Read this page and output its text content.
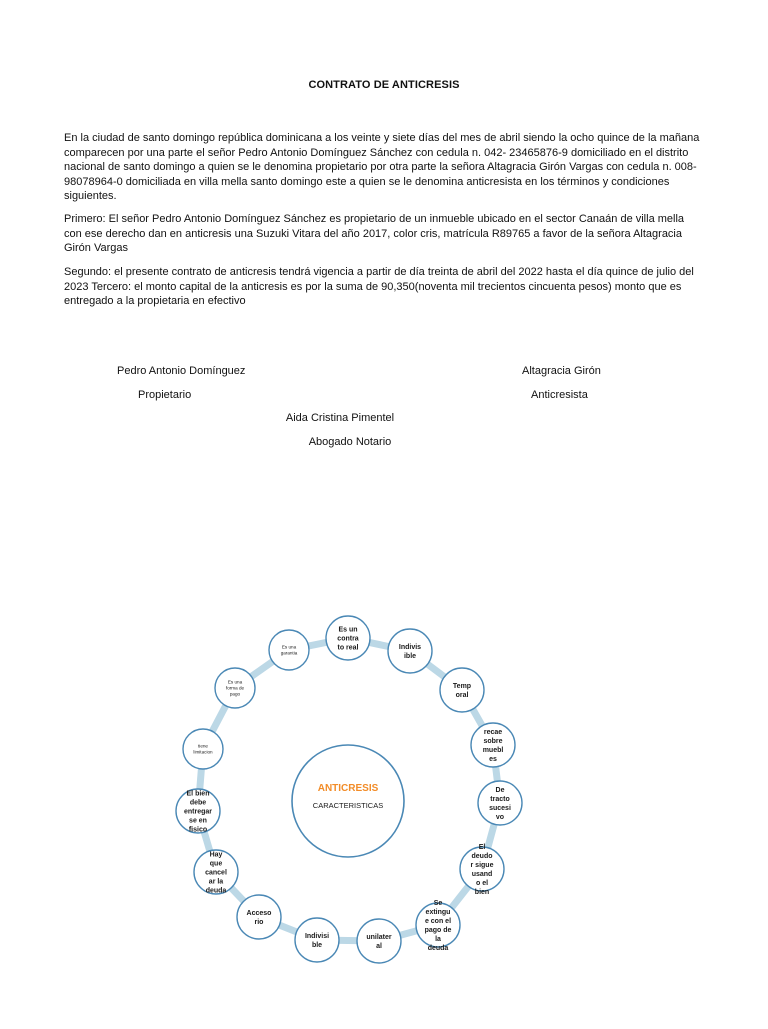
CONTRATO DE ANTICRESIS

En la ciudad de santo domingo república dominicana a los veinte y siete días del mes de abril siendo la ocho quince de la mañana comparecen por una parte el señor Pedro Antonio Domínguez Sánchez con cedula n. 042- 23465876-9 domiciliado en el distrito nacional de santo domingo a quien se le denomina propietario por otra parte la señora Altagracia Girón Vargas con cedula n. 008-98078964-0 domiciliada en villa mella santo domingo este a quien se le denomina anticresista en los términos y condiciones siguientes.

Primero: El señor Pedro Antonio Domínguez Sánchez es propietario de un inmueble ubicado en el sector Canaán de villa mella con ese derecho dan en anticresis una Suzuki Vitara del año 2017, color cris, matrícula R89765 a favor de la señora Altagracia Girón Vargas

Segundo: el presente contrato de anticresis tendrá vigencia a partir de día treinta de abril del 2022 hasta el día quince de julio del 2023 Tercero: el monto capital de la anticresis es por la suma de 90,350(noventa mil trecientos cincuenta pesos) monto que es entregado a la propietaria en efectivo

Pedro Antonio Domínguez
Propietario
Altagracia Girón
Anticresista
Aida Cristina Pimentel
Abogado Notario
ANTICRESIS
CARACTERISTICAS
Es un
contra
to real	Indivis
ible
Temp
oral
recae
sobre
muebl
es
De
tracto
sucesi
vo
El
deudo
r sigue
usand
o el
bien
Se
extingu
e con el
pago de
la
deuda
unilater
al
Indivisi
ble
Acceso
rio
Hay
que
cancel
ar la
deuda
El bien
debe
entregar
se en
fisico
tiene
limitacion
Es una
forma de
pago
Es una
garantia
